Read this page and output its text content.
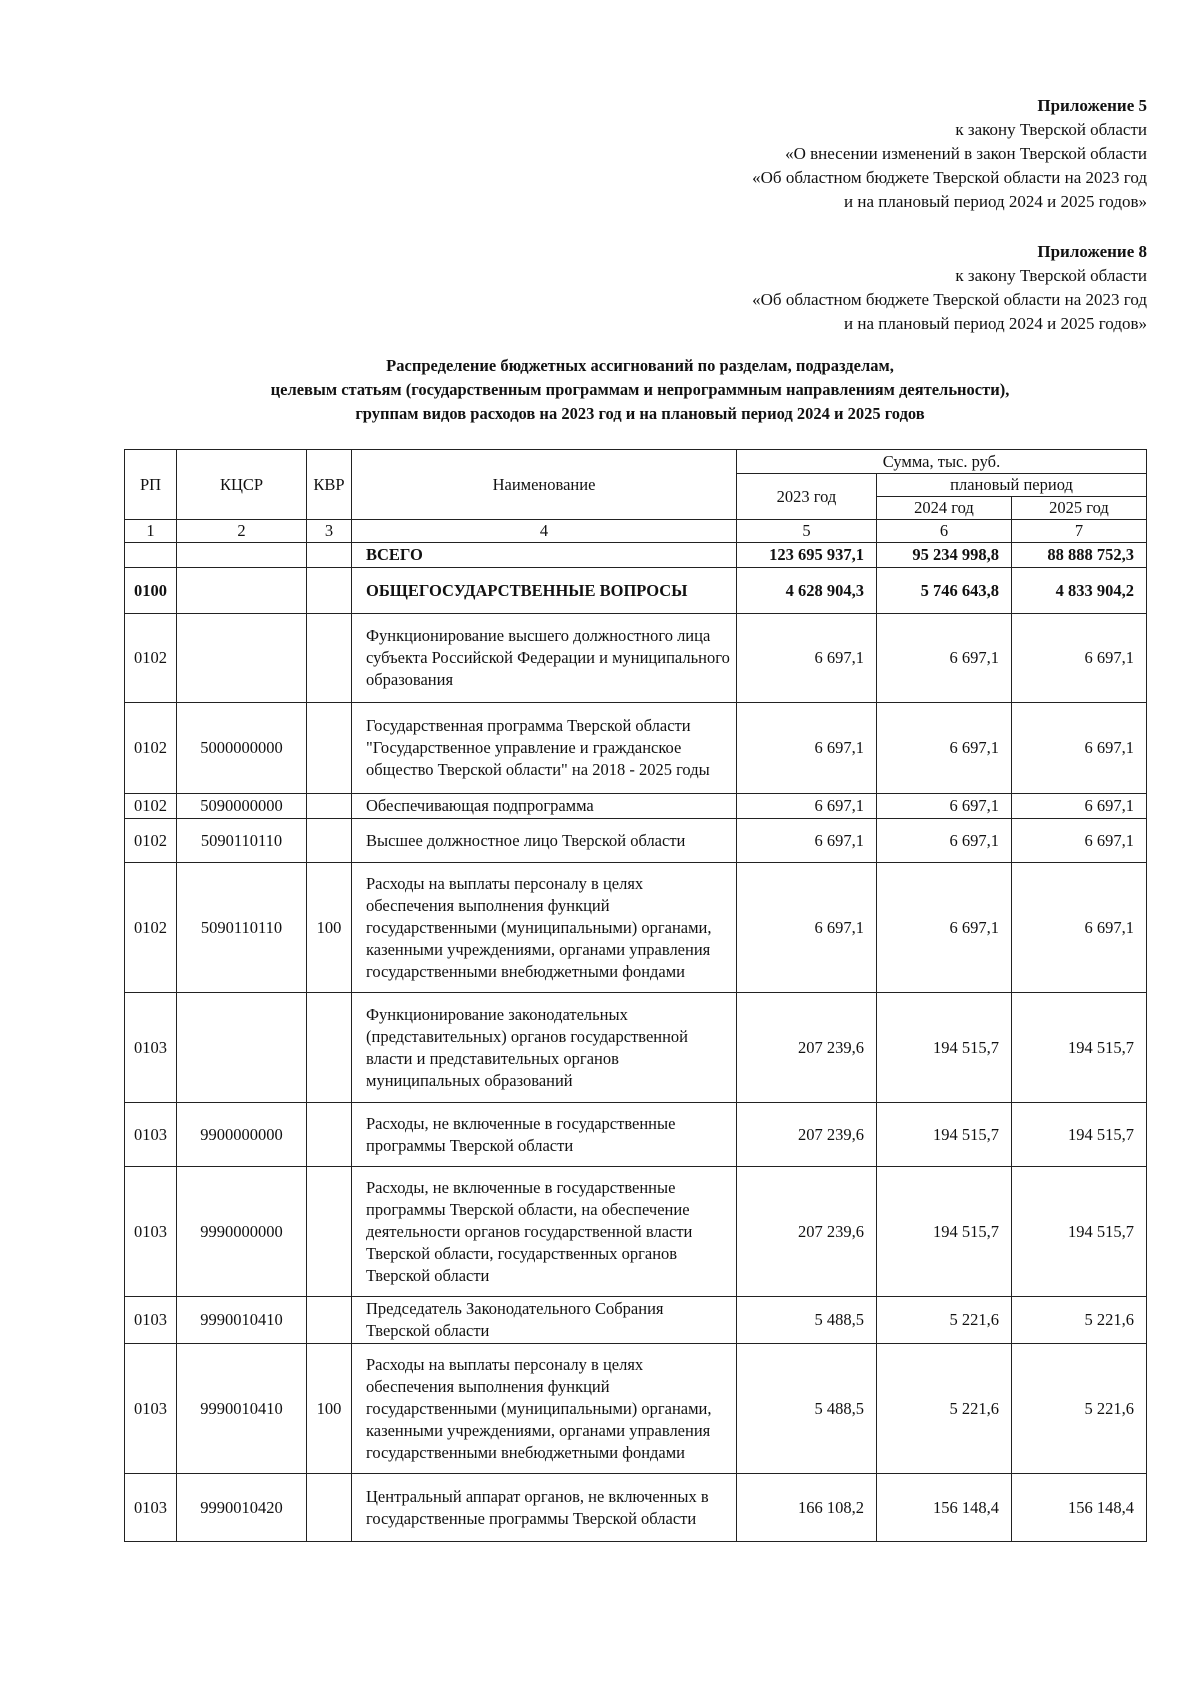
Приложение 5
к закону Тверской области
«О внесении изменений в закон Тверской области
«Об областном бюджете Тверской области на 2023 год
и на плановый период 2024 и 2025 годов»
Приложение 8
к закону Тверской области
«Об областном бюджете Тверской области на 2023 год
и на плановый период 2024 и 2025 годов»
Распределение бюджетных ассигнований по разделам, подразделам,
целевым статьям (государственным программам и непрограммным направлениям деятельности),
группам видов расходов на 2023 год и на плановый период 2024 и 2025 годов
РП	КЦСР	КВР	Наименование	Сумма, тыс. руб.		
				2023 год	плановый период	
					2024 год	2025 год
1	2	3	4	5	6	7
			ВСЕГО	123 695 937,1	95 234 998,8	88 888 752,3
0100			ОБЩЕГОСУДАРСТВЕННЫЕ ВОПРОСЫ	4 628 904,3	5 746 643,8	4 833 904,2
0102			Функционирование высшего должностного лица субъекта Российской Федерации и муниципального образования	6 697,1	6 697,1	6 697,1
0102	5000000000		Государственная программа Тверской области "Государственное управление и гражданское общество Тверской области" на 2018 - 2025 годы	6 697,1	6 697,1	6 697,1
0102	5090000000		Обеспечивающая подпрограмма	6 697,1	6 697,1	6 697,1
0102	5090110110		Высшее должностное лицо Тверской области	6 697,1	6 697,1	6 697,1
0102	5090110110	100	Расходы на выплаты персоналу в целях обеспечения выполнения функций государственными (муниципальными) органами, казенными учреждениями, органами управления государственными внебюджетными фондами	6 697,1	6 697,1	6 697,1
0103			Функционирование законодательных (представительных) органов государственной власти и представительных органов муниципальных образований	207 239,6	194 515,7	194 515,7
0103	9900000000		Расходы, не включенные в государственные программы Тверской области	207 239,6	194 515,7	194 515,7
0103	9990000000		Расходы, не включенные в государственные программы Тверской области, на обеспечение деятельности органов государственной власти Тверской области, государственных органов Тверской области	207 239,6	194 515,7	194 515,7
0103	9990010410		Председатель Законодательного Собрания Тверской области	5 488,5	5 221,6	5 221,6
0103	9990010410	100	Расходы на выплаты персоналу в целях обеспечения выполнения функций государственными (муниципальными) органами, казенными учреждениями, органами управления государственными внебюджетными фондами	5 488,5	5 221,6	5 221,6
0103	9990010420		Центральный аппарат органов, не включенных в государственные программы Тверской области	166 108,2	156 148,4	156 148,4
